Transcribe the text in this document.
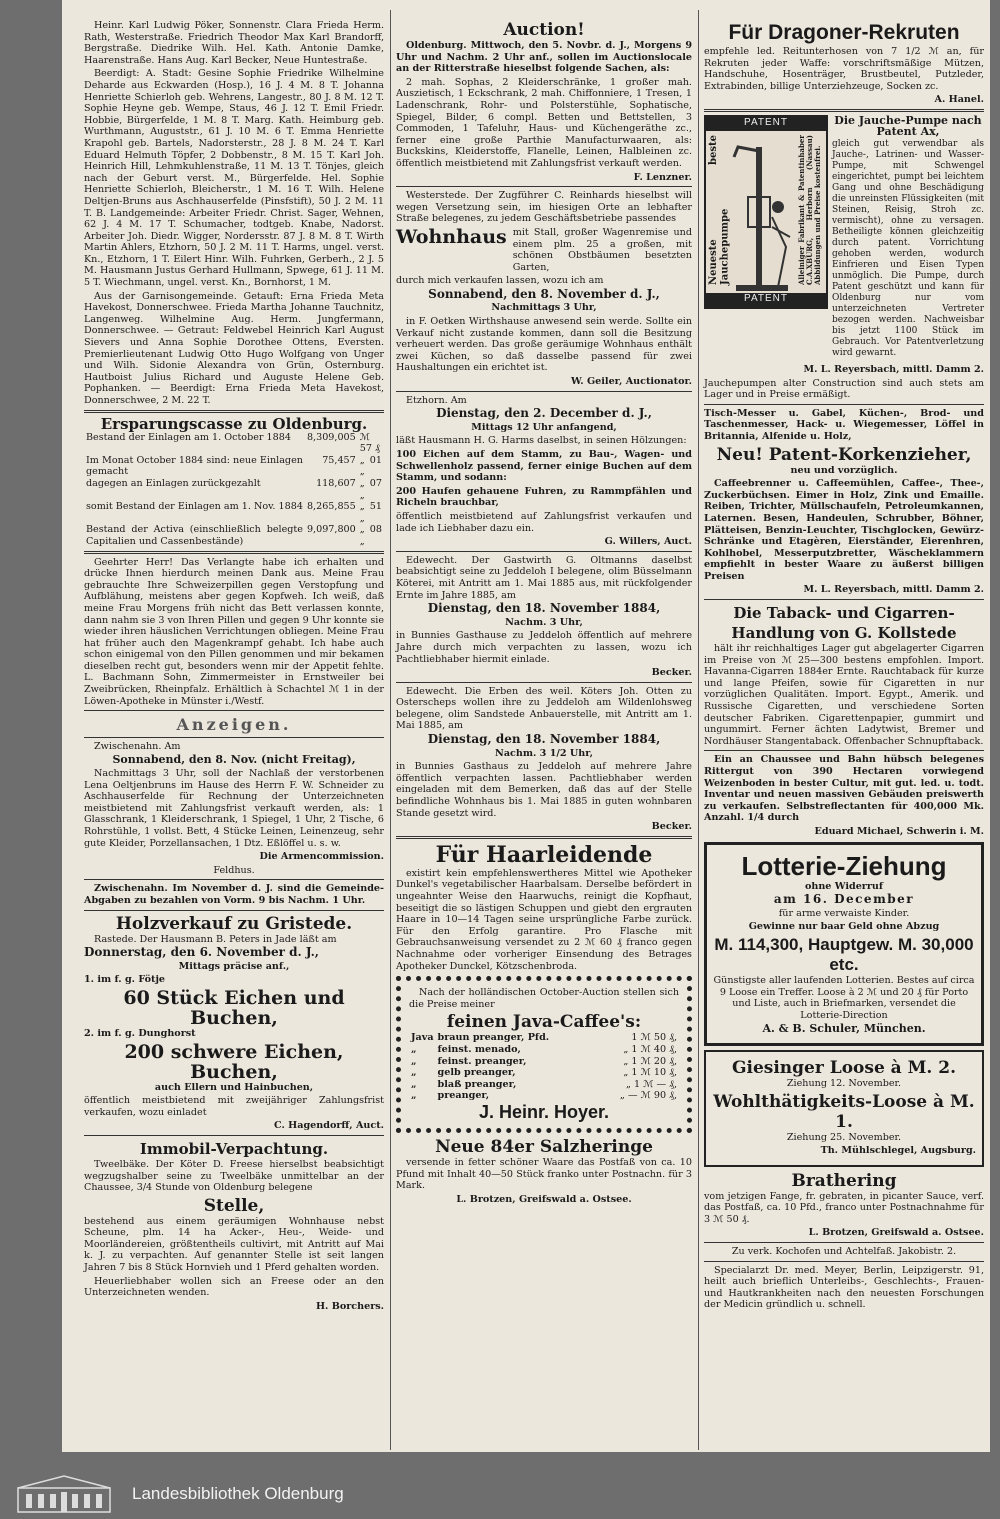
Heinr. Karl Ludwig Pöker, Sonnenstr. Clara Frieda Herm. Rath, Westerstraße. Friedrich Theodor Max Karl Brandorff, Bergstraße. Diedrike Wilh. Hel. Kath. Antonie Damke, Haarenstraße. Hans Aug. Karl Becker, Neue Huntestraße.

Beerdigt: A. Stadt: Gesine Sophie Friedrike Wilhelmine Deharde aus Eckwarden (Hosp.), 16 J. 4 M. 8 T. Johanna Henriette Schierloh geb. Wehrens, Langestr., 80 J. 8 M. 12 T. Sophie Heyne geb. Wempe, Staus, 46 J. 12 T. Emil Friedr. Hobbie, Bürgerfelde, 1 M. 8 T. Marg. Kath. Heimburg geb. Wurthmann, Auguststr., 61 J. 10 M. 6 T. Emma Henriette Krapohl geb. Bartels, Nadorsterstr., 28 J. 8 M. 24 T. Karl Eduard Helmuth Töpfer, 2 Dobbenstr., 8 M. 15 T. Karl Joh. Heinrich Hill, Lehmkuhlenstraße, 11 M. 13 T. Tönjes, gleich nach der Geburt verst. M., Bürgerfelde. Hel. Sophie Henriette Schierloh, Bleicherstr., 1 M. 16 T. Wilh. Helene Deltjen-Bruns aus Aschhauserfelde (Pinsfstift), 50 J. 2 M. 11 T. B. Landgemeinde: Arbeiter Friedr. Christ. Sager, Wehnen, 62 J. 4 M. 17 T. Schumacher, todtgeb. Knabe, Nadorst. Arbeiter Joh. Diedr. Wigger, Nordersstr. 87 J. 8 M. 8 T. Wirth Martin Ahlers, Etzhorn, 50 J. 2 M. 11 T. Harms, ungel. verst. Kn., Etzhorn, 1 T. Eilert Hinr. Wilh. Fuhrken, Gerberh., 2 J. 5 M. Hausmann Justus Gerhard Hullmann, Spwege, 61 J. 11 M. 5 T. Wiechmann, ungel. verst. Kn., Bornhorst, 1 M.

Aus der Garnisongemeinde. Getauft: Erna Frieda Meta Havekost, Donnerschwee. Frieda Martha Johanne Tauchnitz, Langenweg. Wilhelmine Aug. Herm. Jungfermann, Donnerschwee. — Getraut: Feldwebel Heinrich Karl August Sievers und Anna Sophie Dorothee Ottens, Eversten. Premierlieutenant Ludwig Otto Hugo Wolfgang von Unger und Wilh. Sidonie Alexandra von Grün, Osternburg. Hautboist Julius Richard und Auguste Helene Geb. Pophanken. — Beerdigt: Erna Frieda Meta Havekost, Donnerschwee, 2 M. 22 T.

Ersparungscasse zu Oldenburg.
Bestand der Einlagen am 1. October 1884	8,309,005	ℳ 57 ₰
Im Monat October 1884 sind: neue Einlagen gemacht	75,457	„ 01 „
dagegen an Einlagen zurückgezahlt	118,607	„ 07 „
somit Bestand der Einlagen am 1. Nov. 1884	8,265,855	„ 51 „
Bestand der Activa (einschließlich belegte Capitalien und Cassenbestände)	9,097,800	„ 08 „

Geehrter Herr! Das Verlangte habe ich erhalten und drücke Ihnen hierdurch meinen Dank aus. Meine Frau gebrauchte Ihre Schweizerpillen gegen Verstopfung und Aufblähung, meistens aber gegen Kopfweh. Ich weiß, daß meine Frau Morgens früh nicht das Bett verlassen konnte, dann nahm sie 3 von Ihren Pillen und gegen 9 Uhr konnte sie wieder ihren häuslichen Verrichtungen obliegen. Meine Frau hat früher auch den Magenkrampf gehabt. Ich habe auch schon einigemal von den Pillen genommen und mir bekamen dieselben recht gut, besonders wenn mir der Appetit fehlte. L. Bachmann Sohn, Zimmermeister in Ernstweiler bei Zweibrücken, Rheinpfalz. Erhältlich à Schachtel ℳ 1 in der Löwen-Apotheke in Münster i./Westf.

Anzeigen.

Zwischenahn. Am

Sonnabend, den 8. Nov. (nicht Freitag),

Nachmittags 3 Uhr, soll der Nachlaß der verstorbenen Lena Oeltjenbruns im Hause des Herrn F. W. Schneider zu Aschhauserfelde für Rechnung der Unterzeichneten meistbietend mit Zahlungsfrist verkauft werden, als: 1 Glasschrank, 1 Kleiderschrank, 1 Spiegel, 1 Uhr, 2 Tische, 6 Rohrstühle, 1 vollst. Bett, 4 Stücke Leinen, Leinenzeug, sehr gute Kleider, Porzellansachen, 1 Dtz. Eßlöffel u. s. w.

Die Armencommission.

Feldhus.

Zwischenahn. Im November d. J. sind die Gemeinde-Abgaben zu bezahlen von Vorm. 9 bis Nachm. 1 Uhr.

Holzverkauf zu Gristede.

Rastede. Der Hausmann B. Peters in Jade läßt am

Donnerstag, den 6. November d. J.,

Mittags präcise anf.,

1. im f. g. Fötje

60 Stück Eichen und Buchen,

2. im f. g. Dunghorst

200 schwere Eichen, Buchen,

auch Ellern und Hainbuchen,

öffentlich meistbietend mit zweijähriger Zahlungsfrist verkaufen, wozu einladet

C. Hagendorff, Auct.

Immobil-Verpachtung.

Tweelbäke. Der Köter D. Freese hierselbst beabsichtigt wegzugshalber seine zu Tweelbäke unmittelbar an der Chaussee, 3/4 Stunde von Oldenburg belegene

Stelle,

bestehend aus einem geräumigen Wohnhause nebst Scheune, plm. 14 ha Acker-, Heu-, Weide- und Moorländereien, größtentheils cultivirt, mit Antritt auf Mai k. J. zu verpachten. Auf genannter Stelle ist seit langen Jahren 7 bis 8 Stück Hornvieh und 1 Pferd gehalten worden.

Heuerliebhaber wollen sich an Freese oder an den Unterzeichneten wenden.

H. Borchers.

Auction!

Oldenburg. Mittwoch, den 5. Novbr. d. J., Morgens 9 Uhr und Nachm. 2 Uhr anf., sollen im Auctionslocale an der Ritterstraße hieselbst folgende Sachen, als:

2 mah. Sophas, 2 Kleiderschränke, 1 großer mah. Auszietisch, 1 Eckschrank, 2 mah. Chiffonniere, 1 Tresen, 1 Ladenschrank, Rohr- und Polsterstühle, Sophatische, Spiegel, Bilder, 6 compl. Betten und Bettstellen, 3 Commoden, 1 Tafeluhr, Haus- und Küchengeräthe zc., ferner eine große Parthie Manufacturwaaren, als: Buckskins, Kleiderstoffe, Flanelle, Leinen, Halbleinen zc. öffentlich meistbietend mit Zahlungsfrist verkauft werden.

F. Lenzner.

Westerstede. Der Zugführer C. Reinhards hieselbst will wegen Versetzung sein, im hiesigen Orte an lebhafter Straße belegenes, zu jedem Geschäftsbetriebe passendes

Wohnhaus mit Stall, großer Wagenremise und einem plm. 25 a großen, mit schönen Obstbäumen besetzten Garten,

durch mich verkaufen lassen, wozu ich am

Sonnabend, den 8. November d. J.,

Nachmittags 3 Uhr,

in F. Oetken Wirthshause anwesend sein werde. Sollte ein Verkauf nicht zustande kommen, dann soll die Besitzung verheuert werden. Das große geräumige Wohnhaus enthält zwei Küchen, so daß dasselbe passend für zwei Haushaltungen ein erichtet ist.

W. Geiler, Auctionator.

Etzhorn. Am

Dienstag, den 2. December d. J.,

Mittags 12 Uhr anfangend,

läßt Hausmann H. G. Harms daselbst, in seinen Hölzungen:

100 Eichen auf dem Stamm, zu Bau-, Wagen- und Schwellenholz passend, ferner einige Buchen auf dem Stamm, und sodann:

200 Haufen gehauene Fuhren, zu Rammpfählen und Richeln brauchbar,

öffentlich meistbietend auf Zahlungsfrist verkaufen und lade ich Liebhaber dazu ein.

G. Willers, Auct.

Edewecht. Der Gastwirth G. Oltmanns daselbst beabsichtigt seine zu Jeddeloh I belegene, olim Büsselmann Köterei, mit Antritt am 1. Mai 1885 aus, mit rückfolgender Ernte im Jahre 1885, am

Dienstag, den 18. November 1884,

Nachm. 3 Uhr,

in Bunnies Gasthause zu Jeddeloh öffentlich auf mehrere Jahre durch mich verpachten zu lassen, wozu ich Pachtliebhaber hiermit einlade.

Becker.

Edewecht. Die Erben des weil. Köters Joh. Otten zu Osterscheps wollen ihre zu Jeddeloh am Wildenlohsweg belegene, olim Sandstede Anbauerstelle, mit Antritt am 1. Mai 1885, am

Dienstag, den 18. November 1884,

Nachm. 3 1/2 Uhr,

in Bunnies Gasthaus zu Jeddeloh auf mehrere Jahre öffentlich verpachten lassen. Pachtliebhaber werden eingeladen mit dem Bemerken, daß das auf der Stelle befindliche Wohnhaus bis 1. Mai 1885 in guten wohnbaren Stande gesetzt wird.

Becker.

Für Haarleidende

existirt kein empfehlenswertheres Mittel wie Apotheker Dunkel's vegetabilischer Haarbalsam. Derselbe befördert in ungeahnter Weise den Haarwuchs, reinigt die Kopfhaut, beseitigt die so lästigen Schuppen und giebt den ergrauten Haare in 10—14 Tagen seine ursprüngliche Farbe zurück. Für den Erfolg garantire. Pro Flasche mit Gebrauchsanweisung versendet zu 2 ℳ 60 ₰ franco gegen Nachnahme oder vorheriger Einsendung des Betrages Apotheker Dunckel, Kötzschenbroda.

Nach der holländischen October-Auction stellen sich die Preise meiner

feinen Java-Caffee's:
Java	braun preanger, Pfd.	1 ℳ 50 ₰,
„	feinst. menado,	„ 1 ℳ 40 ₰,
„	feinst. preanger,	„ 1 ℳ 20 ₰,
„	gelb preanger,	„ 1 ℳ 10 ₰,
„	blaß preanger,	„ 1 ℳ — ₰,
„	preanger,	„ — ℳ 90 ₰,
J. Heinr. Hoyer.
Neue 84er Salzheringe

versende in fetter schöner Waare das Postfaß von ca. 10 Pfund mit Inhalt 40—50 Stück franko unter Postnachn. für 3 Mark.

L. Brotzen, Greifswald a. Ostsee.

Für Dragoner-Rekruten

empfehle led. Reitunterhosen von 7 1/2 ℳ an, für Rekruten jeder Waffe: vorschriftsmäßige Mützen, Handschuhe, Hosenträger, Brustbeutel, Putzleder, Extrabinden, billige Unterziehzeuge, Socken zc.

A. Hanel.

PATENT
PATENT
Neueste beste Jauchepumpe	Alleiniger Fabrikant & Patentinhaber C.A.XBURG, Herborn (Nassau) Abbildungen und Preise kostenfrei.

Die Jauche-Pumpe nach Patent Ax,

gleich gut verwendbar als Jauche-, Latrinen- und Wasser-Pumpe, mit Schwengel eingerichtet, pumpt bei leichtem Gang und ohne Beschädigung die unreinsten Flüssigkeiten (mit Steinen, Reisig, Stroh zc. vermischt), ohne zu versagen. Betheiligte können gleichzeitig durch patent. Vorrichtung gehoben werden, wodurch Einfrieren und Eisen Typen unmöglich. Die Pumpe, durch Patent geschützt und kann für Oldenburg nur vom unterzeichneten Vertreter bezogen werden. Nachweisbar bis jetzt 1100 Stück im Gebrauch. Vor Patentverletzung wird gewarnt.

M. L. Reyersbach, mittl. Damm 2.

Jauchepumpen alter Construction sind auch stets am Lager und in Preise ermäßigt.

Tisch-Messer u. Gabel, Küchen-, Brod- und Taschenmesser, Hack- u. Wiegemesser, Löffel in Britannia, Alfenide u. Holz,

Neu! Patent-Korkenzieher,

neu und vorzüglich.

Caffeebrenner u. Caffeemühlen, Caffee-, Thee-, Zuckerbüchsen. Eimer in Holz, Zink und Emaille. Reiben, Trichter, Müllschaufeln, Petroleumkannen, Laternen. Besen, Handeulen, Schrubber, Böhner, Plätteisen, Benzin-Leuchter, Tischglocken, Gewürz-Schränke und Etagèren, Eierständer, Eierenhren, Kohlhobel, Messerputzbretter, Wäscheklammern empfiehlt in bester Waare zu äußerst billigen Preisen

M. L. Reyersbach, mittl. Damm 2.

Die Taback- und Cigarren-Handlung von G. Kollstede

hält ihr reichhaltiges Lager gut abgelagerter Cigarren im Preise von ℳ 25—300 bestens empfohlen. Import. Havanna-Cigarren 1884er Ernte. Rauchtaback für kurze und lange Pfeifen, sowie für Cigaretten in nur vorzüglichen Qualitäten. Import. Egypt., Amerik. und Russische Cigaretten, und verschiedene Sorten deutscher Fabriken. Cigarettenpapier, gummirt und ungummirt. Ferner ächten Ladytwist, Bremer und Nordhäuser Stangentaback. Offenbacher Schnupftaback.

Ein an Chaussee und Bahn hübsch belegenes Rittergut von 390 Hectaren vorwiegend Weizenboden in bester Cultur, mit gut. led. u. todt. Inventar und neuen massiven Gebäuden preiswerth zu verkaufen. Selbstreflectanten für 400,000 Mk. Anzahl. 1/4 durch

Eduard Michael, Schwerin i. M.

Lotterie-Ziehung

ohne Widerruf

am 16. December

für arme verwaiste Kinder.

Gewinne nur baar Geld ohne Abzug

M. 114,300, Hauptgew. M. 30,000 etc.

Günstigste aller laufenden Lotterien. Bestes auf circa 9 Loose ein Treffer. Loose à 2 ℳ und 20 ₰ für Porto und Liste, auch in Briefmarken, versendet die Lotterie-Direction

A. & B. Schuler, München.

Giesinger Loose à M. 2.

Ziehung 12. November.

Wohlthätigkeits-Loose à M. 1.

Ziehung 25. November.

Th. Mühlschlegel, Augsburg.

Brathering

vom jetzigen Fange, fr. gebraten, in picanter Sauce, verf. das Postfaß, ca. 10 Pfd., franco unter Postnachnahme für 3 ℳ 50 ₰.

L. Brotzen, Greifswald a. Ostsee.

Zu verk. Kochofen und Achtelfaß. Jakobistr. 2.

Specialarzt Dr. med. Meyer, Berlin, Leipzigerstr. 91, heilt auch brieflich Unterleibs-, Geschlechts-, Frauen- und Hautkrankheiten nach den neuesten Forschungen der Medicin gründlich u. schnell.

Landesbibliothek Oldenburg
